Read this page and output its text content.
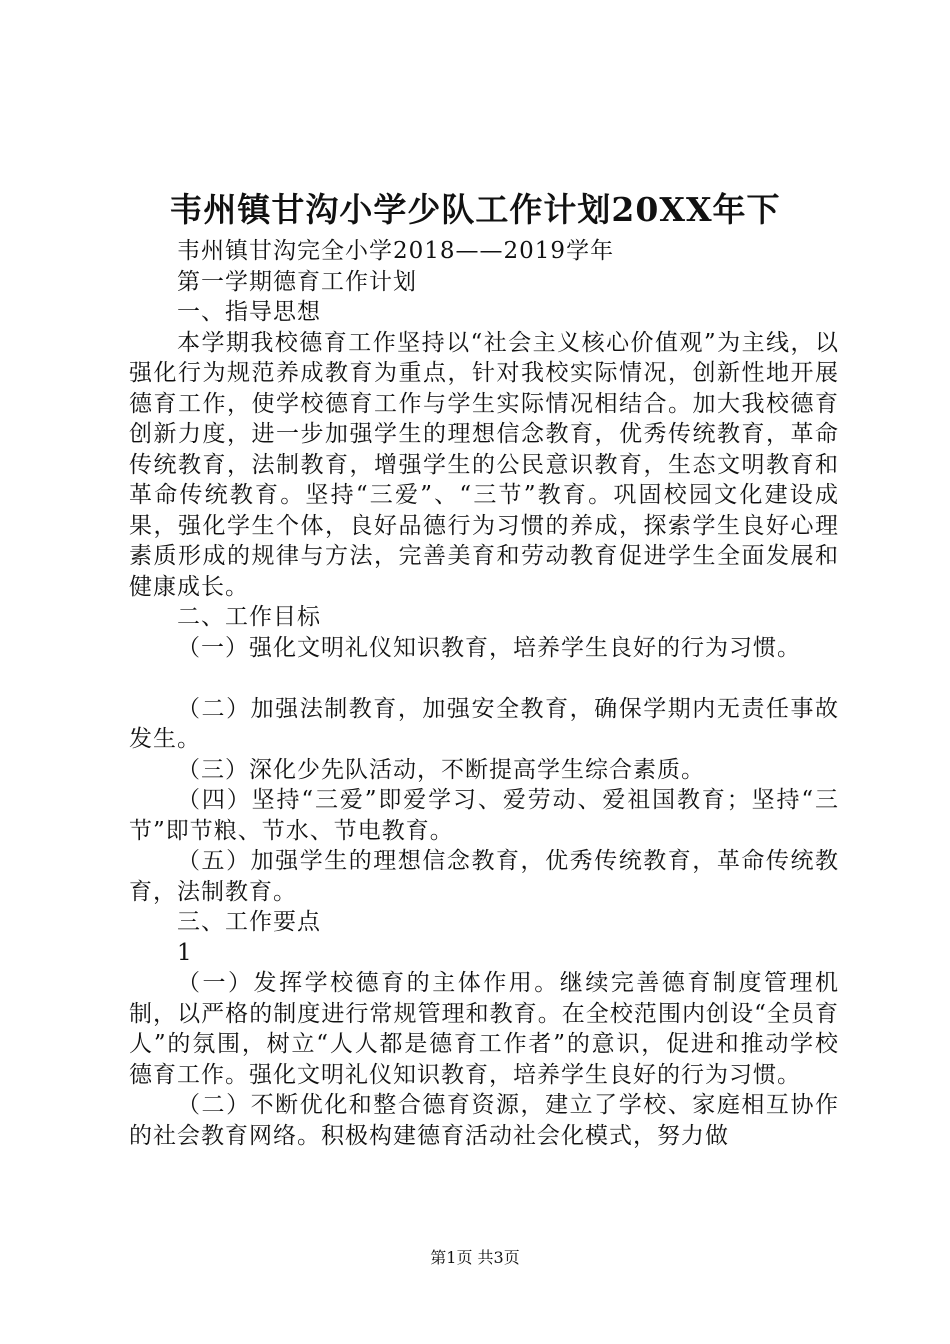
韦州镇甘沟小学少队工作计划20XX年下

韦州镇甘沟完全小学2018——2019学年

第一学期德育工作计划

一、指导思想

本学期我校德育工作坚持以“社会主义核心价值观”为主线，以强化行为规范养成教育为重点，针对我校实际情况，创新性地开展德育工作，使学校德育工作与学生实际情况相结合。加大我校德育创新力度，进一步加强学生的理想信念教育，优秀传统教育，革命传统教育，法制教育，增强学生的公民意识教育，生态文明教育和革命传统教育。坚持“三爱”、“三节”教育。巩固校园文化建设成果，强化学生个体，良好品德行为习惯的养成，探索学生良好心理素质形成的规律与方法，完善美育和劳动教育促进学生全面发展和健康成长。

二、工作目标

（一）强化文明礼仪知识教育，培养学生良好的行为习惯。

（二）加强法制教育，加强安全教育，确保学期内无责任事故发生。

（三）深化少先队活动，不断提高学生综合素质。

（四）坚持“三爱”即爱学习、爱劳动、爱祖国教育；坚持“三节”即节粮、节水、节电教育。

（五）加强学生的理想信念教育，优秀传统教育，革命传统教育，法制教育。

三、工作要点

1

（一）发挥学校德育的主体作用。继续完善德育制度管理机制，以严格的制度进行常规管理和教育。在全校范围内创设“全员育人”的氛围，树立“人人都是德育工作者”的意识，促进和推动学校德育工作。强化文明礼仪知识教育，培养学生良好的行为习惯。

（二）不断优化和整合德育资源，建立了学校、家庭相互协作的社会教育网络。积极构建德育活动社会化模式，努力做

第1页 共3页
